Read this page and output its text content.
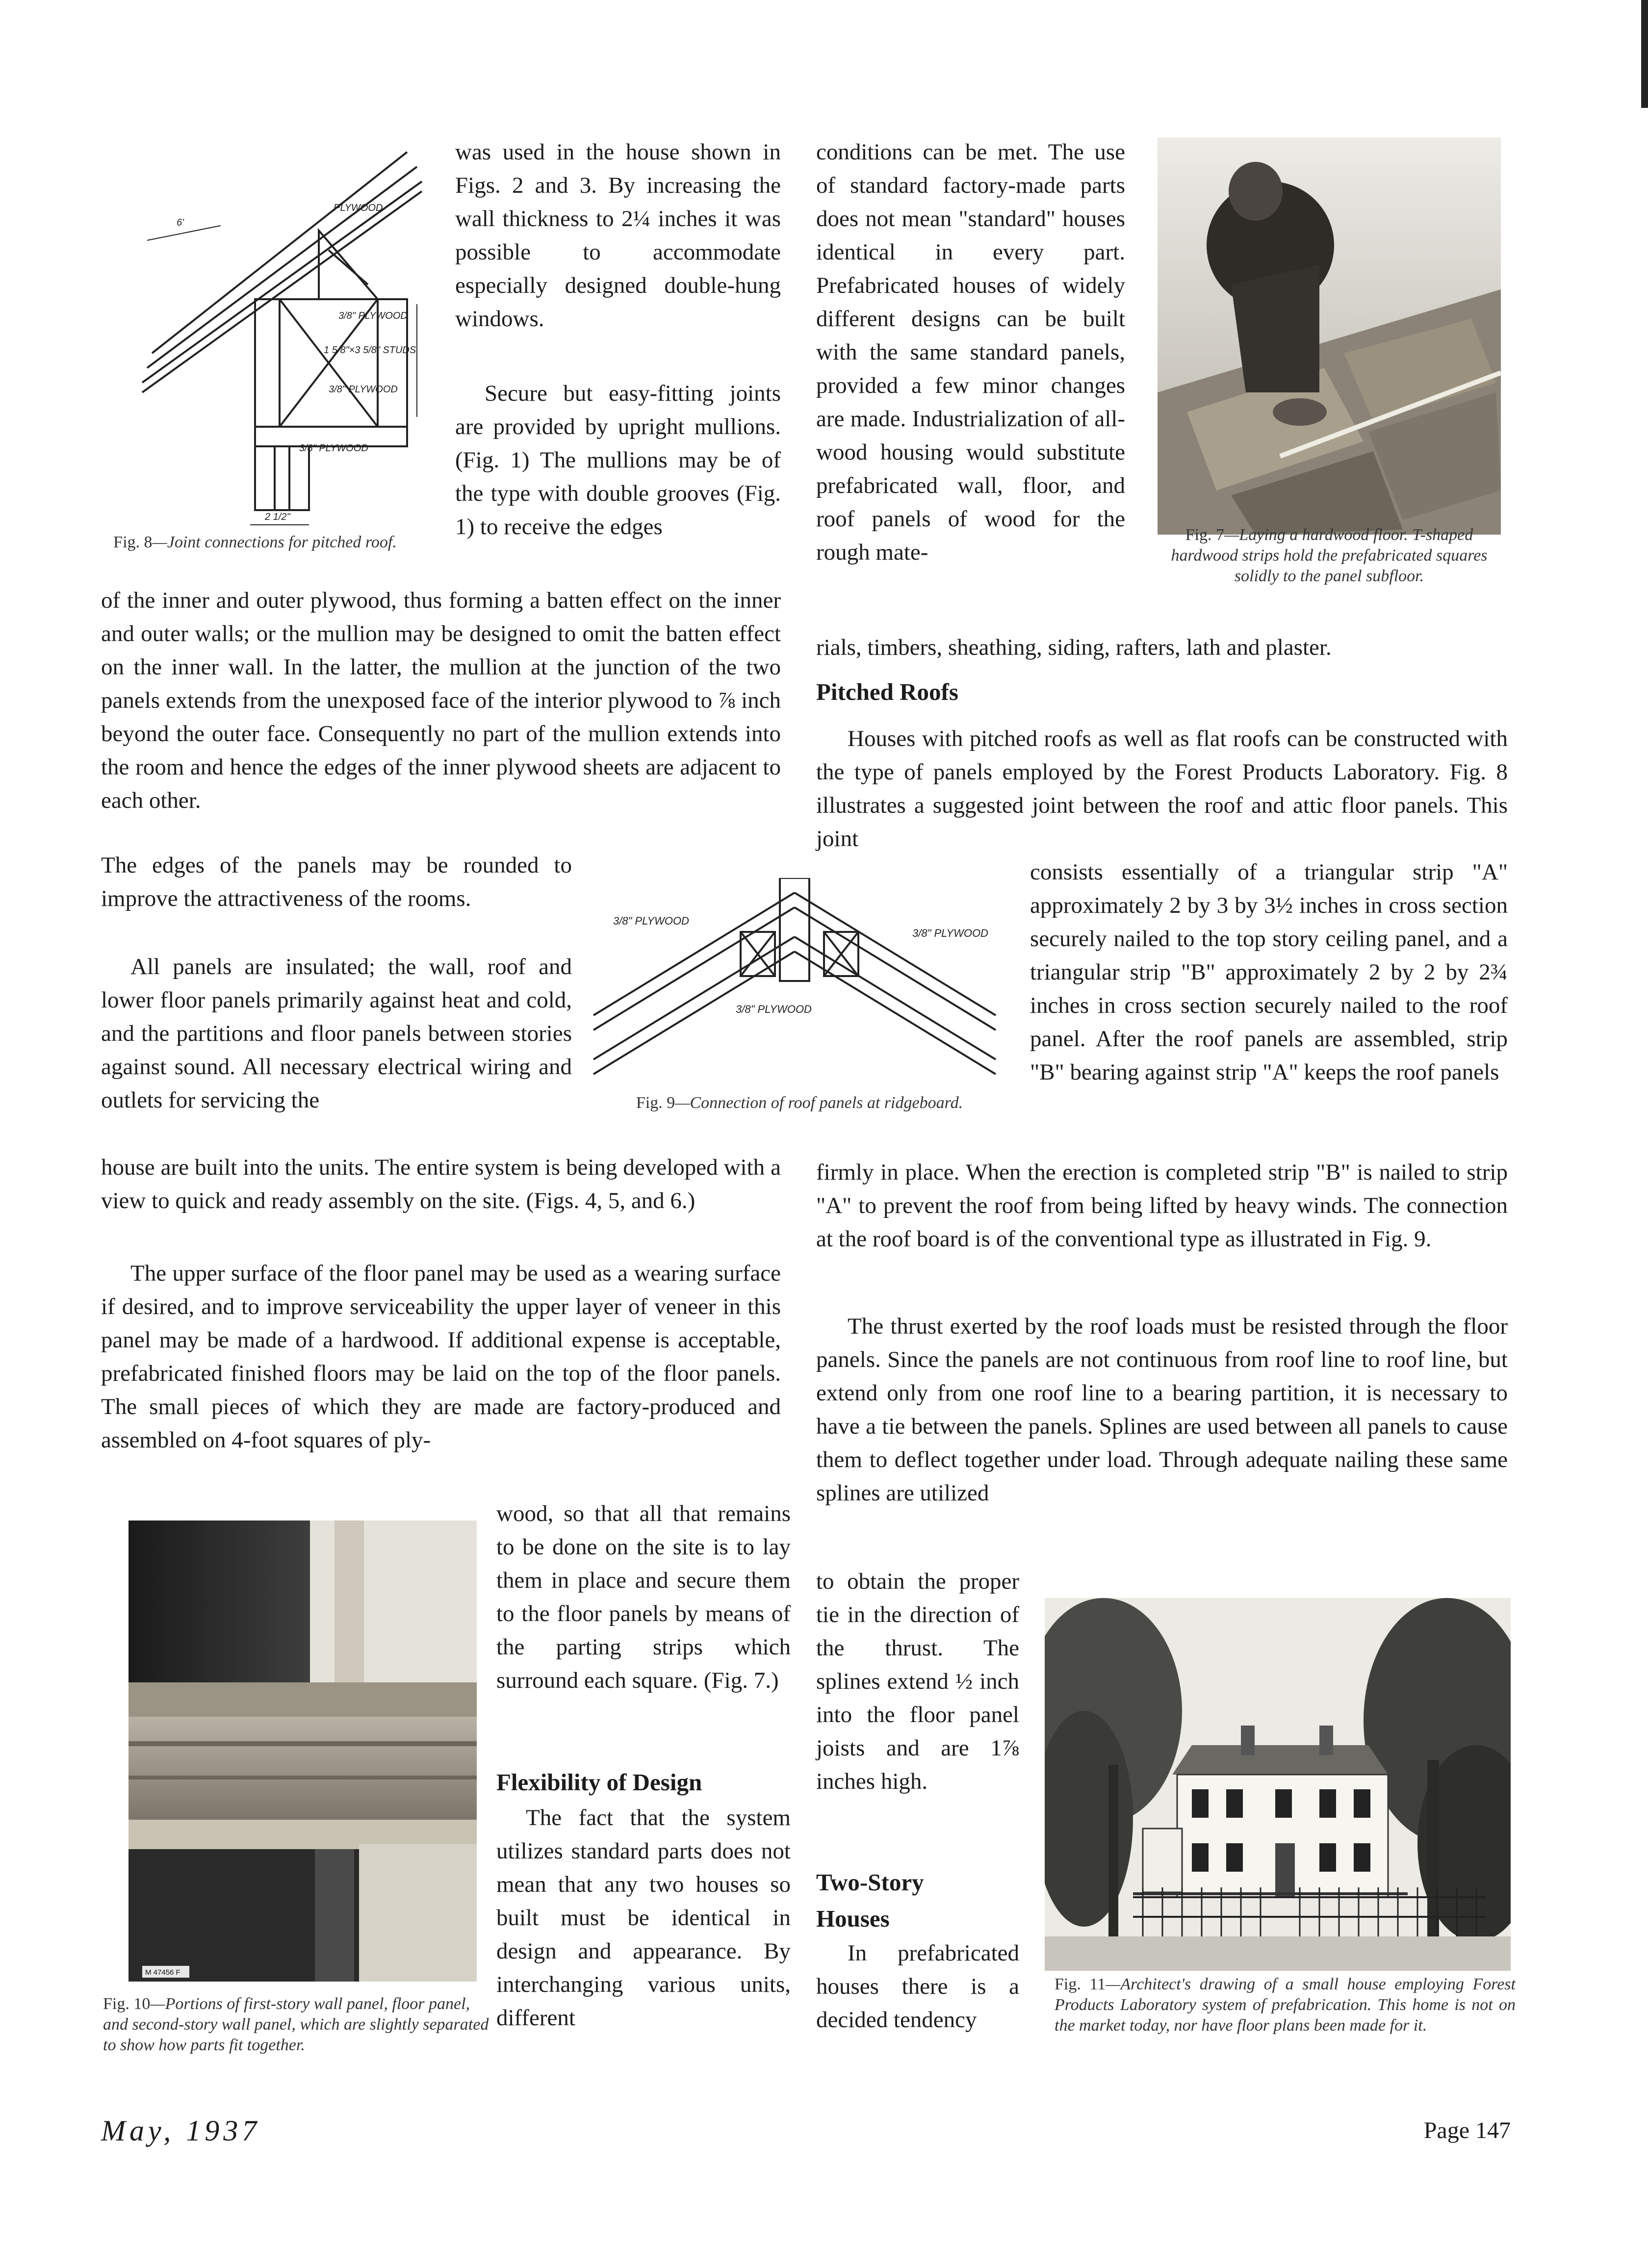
PLYWOOD
3/8" PLYWOOD
1 5/8"×3 5/8" STUDS
3/8" PLYWOOD
3/8" PLYWOOD
6'
2 1/2"
Fig. 8—Joint connections for pitched roof.
was used in the house shown in Figs. 2 and 3. By increasing the wall thickness to 2¼ inches it was possible to accommodate especially designed double-hung windows.
Secure but easy-fitting joints are provided by upright mullions. (Fig. 1) The mullions may be of the type with double grooves (Fig. 1) to receive the edges
of the inner and outer plywood, thus forming a batten effect on the inner and outer walls; or the mullion may be designed to omit the batten effect on the inner wall. In the latter, the mullion at the junction of the two panels extends from the unexposed face of the interior plywood to ⅞ inch beyond the outer face. Consequently no part of the mullion extends into the room and hence the edges of the inner plywood sheets are adjacent to each other.
The edges of the panels may be rounded to improve the attractiveness of the rooms.
All panels are insulated; the wall, roof and lower floor panels primarily against heat and cold, and the partitions and floor panels between stories against sound. All necessary electrical wiring and outlets for servicing the
house are built into the units. The entire system is being developed with a view to quick and ready assembly on the site. (Figs. 4, 5, and 6.)
The upper surface of the floor panel may be used as a wearing surface if desired, and to improve serviceability the upper layer of veneer in this panel may be made of a hardwood. If additional expense is acceptable, prefabricated finished floors may be laid on the top of the floor panels. The small pieces of which they are made are factory-produced and assembled on 4-foot squares of ply-
3/8" PLYWOOD
3/8" PLYWOOD
3/8" PLYWOOD
Fig. 9—Connection of roof panels at ridgeboard.
M 47456 F
Fig. 10—Portions of first-story wall panel, floor panel, and second-story wall panel, which are slightly separated to show how parts fit together.
wood, so that all that remains to be done on the site is to lay them in place and secure them to the floor panels by means of the parting strips which surround each square. (Fig. 7.)
Flexibility of Design
The fact that the system utilizes standard parts does not mean that any two houses so built must be identical in design and appearance. By interchanging various units, different
conditions can be met. The use of standard factory-made parts does not mean "standard" houses identical in every part. Prefabricated houses of widely different designs can be built with the same standard panels, provided a few minor changes are made. Industrialization of all-wood housing would substitute prefabricated wall, floor, and roof panels of wood for the rough mate-
Fig. 7—Laying a hardwood floor. T-shaped hardwood strips hold the prefabricated squares solidly to the panel subfloor.
rials, timbers, sheathing, siding, rafters, lath and plaster.
Pitched Roofs
Houses with pitched roofs as well as flat roofs can be constructed with the type of panels employed by the Forest Products Laboratory. Fig. 8 illustrates a suggested joint between the roof and attic floor panels. This joint
consists essentially of a triangular strip "A" approximately 2 by 3 by 3½ inches in cross section securely nailed to the top story ceiling panel, and a triangular strip "B" approximately 2 by 2 by 2¾ inches in cross section securely nailed to the roof panel. After the roof panels are assembled, strip "B" bearing against strip "A" keeps the roof panels
firmly in place. When the erection is completed strip "B" is nailed to strip "A" to prevent the roof from being lifted by heavy winds. The connection at the roof board is of the conventional type as illustrated in Fig. 9.
The thrust exerted by the roof loads must be resisted through the floor panels. Since the panels are not continuous from roof line to roof line, but extend only from one roof line to a bearing partition, it is necessary to have a tie between the panels. Splines are used between all panels to cause them to deflect together under load. Through adequate nailing these same splines are utilized
to obtain the proper tie in the direction of the thrust. The splines extend ½ inch into the floor panel joists and are 1⅞ inches high.
Two-Story Houses
In prefabricated houses there is a decided tendency
Fig. 11—Architect's drawing of a small house employing Forest Products Laboratory system of prefabrication. This home is not on the market today, nor have floor plans been made for it.
May, 1937	Page 147
